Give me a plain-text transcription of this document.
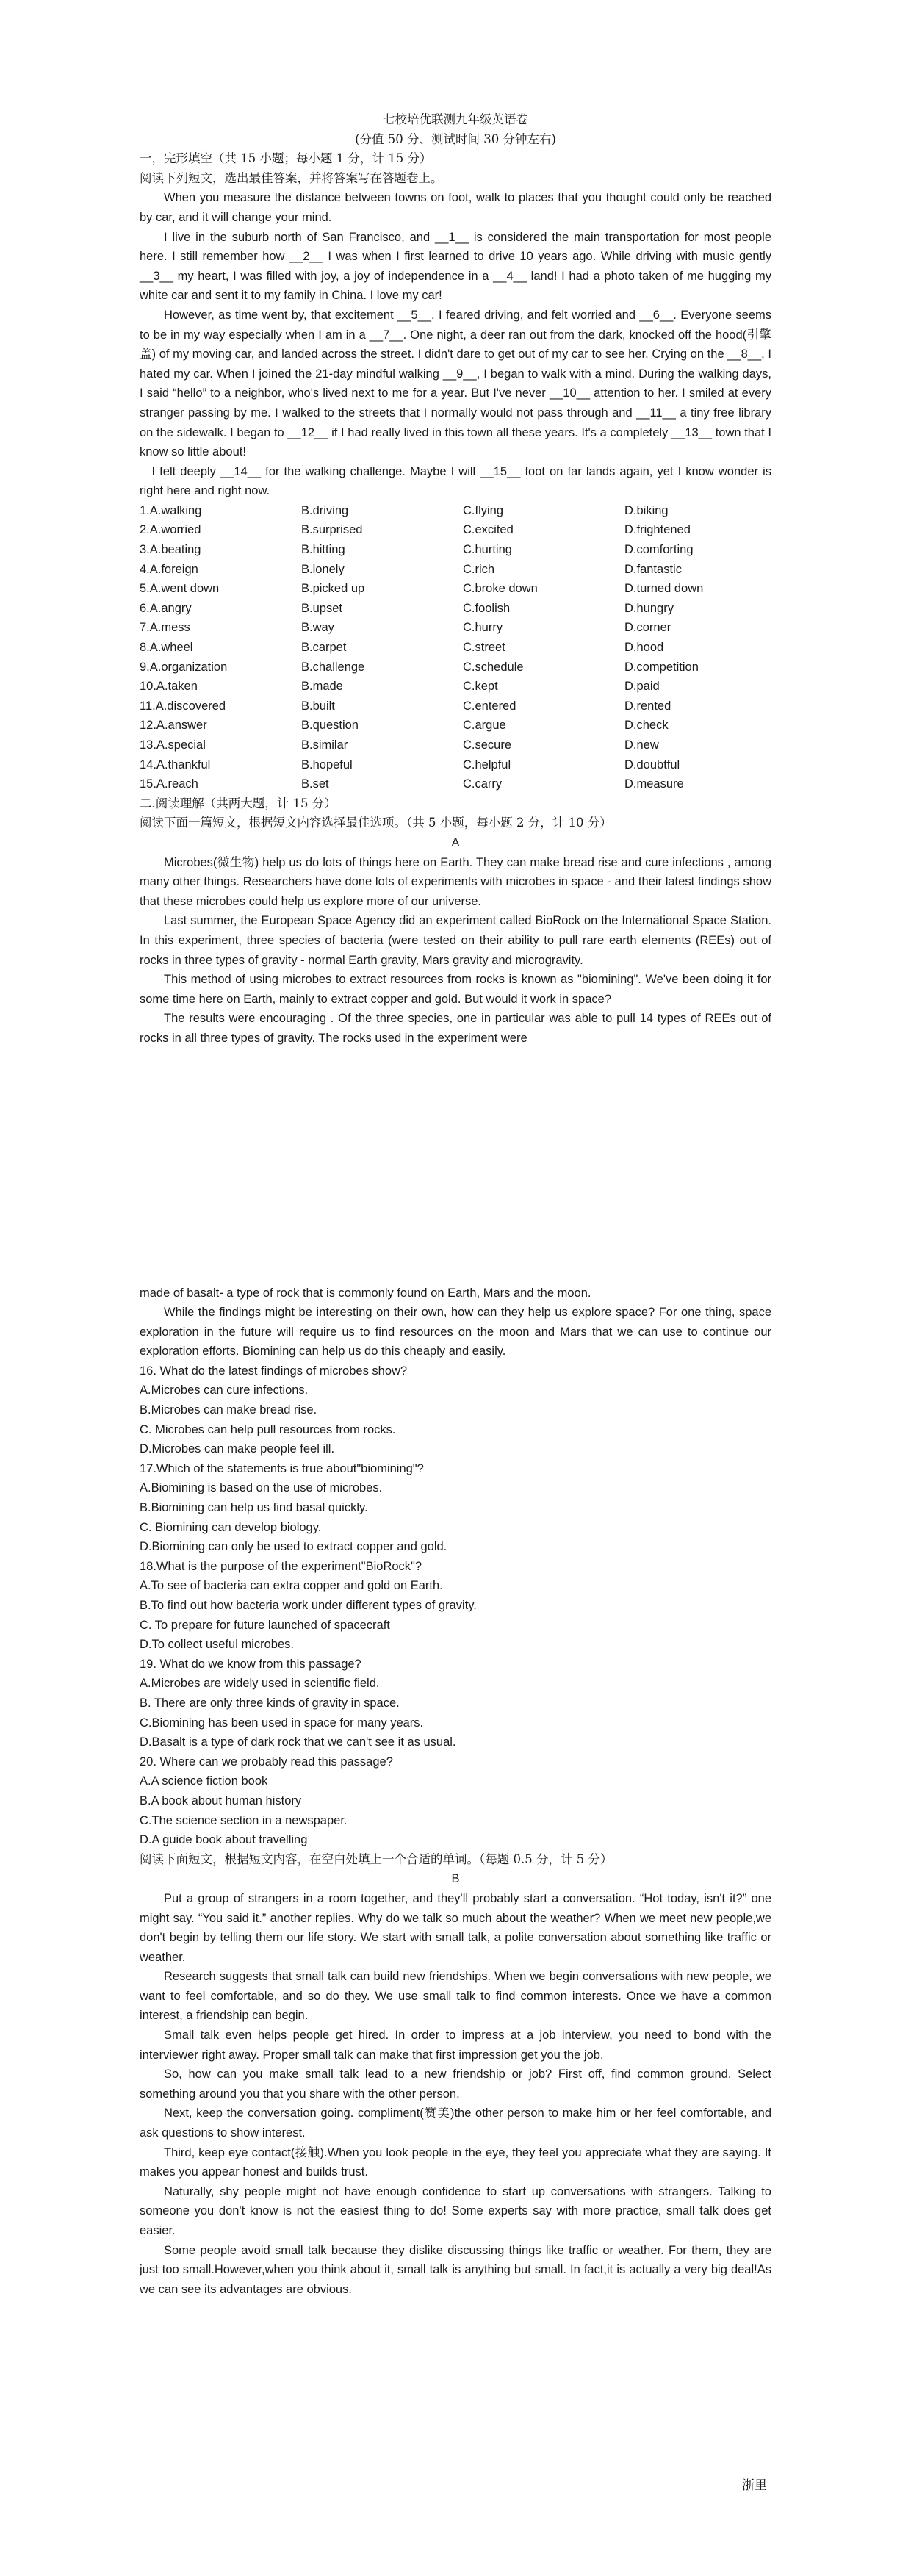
七校培优联测九年级英语卷
(分值 50 分、测试时间 30 分钟左右)
一，完形填空（共 15 小题；每小题 1 分，计 15 分）
阅读下列短文，选出最佳答案，并将答案写在答题卷上。
When you measure the distance between towns on foot, walk to places that you thought could only be reached by car, and it will change your mind.
I live in the suburb north of San Francisco, and __1__ is considered the main transportation for most people here. I still remember how __2__ I was when I first learned to drive 10 years ago. While driving with music gently __3__ my heart, I was filled with joy, a joy of independence in a __4__ land! I had a photo taken of me hugging my white car and sent it to my family in China. I love my car!
However, as time went by, that excitement __5__. I feared driving, and felt worried and __6__. Everyone seems to be in my way especially when I am in a __7__. One night, a deer ran out from the dark, knocked off the hood(引擎盖) of my moving car, and landed across the street. I didn't dare to get out of my car to see her. Crying on the __8__, I hated my car. When I joined the 21-day mindful walking __9__, I began to walk with a mind. During the walking days, I said “hello” to a neighbor, who's lived next to me for a year. But I've never __10__ attention to her. I smiled at every stranger passing by me. I walked to the streets that I normally would not pass through and __11__ a tiny free library on the sidewalk. I began to __12__ if I had really lived in this town all these years. It's a completely __13__ town that I know so little about!
I felt deeply __14__ for the walking challenge. Maybe I will __15__ foot on far lands again, yet I know wonder is right here and right now.
1.A.walking	B.driving	C.flying	D.biking
2.A.worried	B.surprised	C.excited	D.frightened
3.A.beating	B.hitting	C.hurting	D.comforting
4.A.foreign	B.lonely	C.rich	D.fantastic
5.A.went down	B.picked up	C.broke down	D.turned down
6.A.angry	B.upset	C.foolish	D.hungry
7.A.mess	B.way	C.hurry	D.corner
8.A.wheel	B.carpet	C.street	D.hood
9.A.organization	B.challenge	C.schedule	D.competition
10.A.taken	B.made	C.kept	D.paid
11.A.discovered	B.built	C.entered	D.rented
12.A.answer	B.question	C.argue	D.check
13.A.special	B.similar	C.secure	D.new
14.A.thankful	B.hopeful	C.helpful	D.doubtful
15.A.reach	B.set	C.carry	D.measure
二.阅读理解（共两大题，计 15 分）
阅读下面一篇短文，根据短文内容选择最佳选项。（共 5 小题，每小题 2 分，计 10 分）
A
Microbes(微生物) help us do lots of things here on Earth. They can make bread rise and cure infections , among many other things. Researchers have done lots of experiments with microbes in space - and their latest findings show that these microbes could help us explore more of our universe.
Last summer, the European Space Agency did an experiment called BioRock on the International Space Station. In this experiment, three species of bacteria (were tested on their ability to pull rare earth elements (REEs) out of rocks in three types of gravity - normal Earth gravity, Mars gravity and microgravity.
This method of using microbes to extract resources from rocks is known as "biomining". We've been doing it for some time here on Earth, mainly to extract copper and gold. But would it work in space?
The results were encouraging . Of the three species, one in particular was able to pull 14 types of REEs out of rocks in all three types of gravity. The rocks used in the experiment were
made of basalt- a type of rock that is commonly found on Earth, Mars and the moon.
While the findings might be interesting on their own, how can they help us explore space? For one thing, space exploration in the future will require us to find resources on the moon and Mars that we can use to continue our exploration efforts. Biomining can help us do this cheaply and easily.
16. What do the latest findings of microbes show?
A.Microbes can cure infections.
B.Microbes can make bread rise.
C. Microbes can help pull resources from rocks.
D.Microbes can make people feel ill.
17.Which of the statements is true about"biomining"?
A.Biomining is based on the use of microbes.
B.Biomining can help us find basal quickly.
C. Biomining can develop biology.
D.Biomining can only be used to extract copper and gold.
18.What is the purpose of the experiment"BioRock"?
A.To see of bacteria can extra copper and gold on Earth.
B.To find out how bacteria work under different types of gravity.
C. To prepare for future launched of spacecraft
D.To collect useful microbes.
19. What do we know from this passage?
A.Microbes are widely used in scientific field.
B. There are only three kinds of gravity in space.
C.Biomining has been used in space for many years.
D.Basalt is a type of dark rock that we can't see it as usual.
20. Where can we probably read this passage?
A.A science fiction book
B.A book about human history
C.The science section in a newspaper.
D.A guide book about travelling
阅读下面短文，根据短文内容，在空白处填上一个合适的单词。（每题 0.5 分，计 5 分）
B
Put a group of strangers in a room together, and they'll probably start a conversation. “Hot today, isn't it?” one might say. “You said it.” another replies. Why do we talk so much about the weather? When we meet new people,we don't begin by telling them our life story. We start with small talk, a polite conversation about something like traffic or weather.
Research suggests that small talk can build new friendships. When we begin conversations with new people, we want to feel comfortable, and so do they. We use small talk to find common interests. Once we have a common interest, a friendship can begin.
Small talk even helps people get hired. In order to impress at a job interview, you need to bond with the interviewer right away. Proper small talk can make that first impression get you the job.
So, how can you make small talk lead to a new friendship or job? First off, find common ground. Select something around you that you share with the other person.
Next, keep the conversation going. compliment(赞美)the other person to make him or her feel comfortable, and ask questions to show interest.
Third, keep eye contact(接触).When you look people in the eye, they feel you appreciate what they are saying. It makes you appear honest and builds trust.
Naturally, shy people might not have enough confidence to start up conversations with strangers. Talking to someone you don't know is not the easiest thing to do! Some experts say with more practice, small talk does get easier.
Some people avoid small talk because they dislike discussing things like traffic or weather. For them, they are just too small.However,when you think about it, small talk is anything but small. In fact,it is actually a very big deal!As we can see its advantages are obvious.
浙里
